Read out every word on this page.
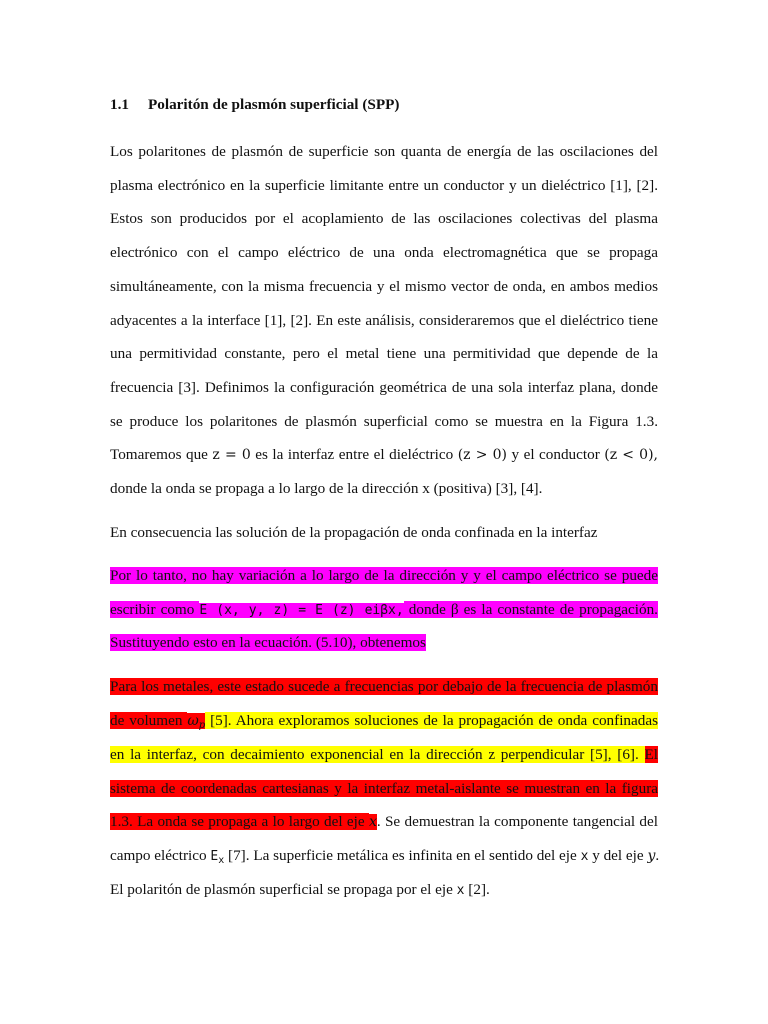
1.1 Polaritón de plasmón superficial (SPP)
Los polaritones de plasmón de superficie son quanta de energía de las oscilaciones del
plasma electrónico en la superficie limitante entre un conductor y un dieléctrico [1], [2].
Estos son producidos por el acoplamiento de las oscilaciones colectivas del plasma
electrónico con el campo eléctrico de una onda electromagnética que se propaga
simultáneamente, con la misma frecuencia y el mismo vector de onda, en ambos medios
adyacentes a la interface [1], [2]. En este análisis, consideraremos que el dieléctrico tiene
una permitividad constante, pero el metal tiene una permitividad que depende de la
frecuencia [3]. Definimos la configuración geométrica de una sola interfaz plana, donde
se produce los polaritones de plasmón superficial como se muestra en la Figura 1.3.
Tomaremos que z = 0 es la interfaz entre el dieléctrico (z > 0) y el conductor (z < 0),
donde la onda se propaga a lo largo de la dirección x (positiva) [3], [4].
En consecuencia las solución de la propagación de onda confinada en la interfaz
Por lo tanto, no hay variación a lo largo de la dirección y y el campo eléctrico se puede
escribir como E (x, y, z) = E (z) eiβx, donde β es la constante de propagación.
Sustituyendo esto en la ecuación. (5.10), obtenemos
Para los metales, este estado sucede a frecuencias por debajo de la frecuencia de plasmón
de volumen $\omega_p$ [5]. Ahora exploramos soluciones de la propagación de onda confinadas
en la interfaz, con decaimiento exponencial en la dirección z perpendicular [5], [6]. El
sistema de coordenadas cartesianas y la interfaz metal-aislante se muestran en la figura
1.3. La onda se propaga a lo largo del eje x. Se demuestran la componente tangencial del
campo eléctrico $E_x$ [7]. La superficie metálica es infinita en el sentido del eje x y del eje y.
El polaritón de plasmón superficial se propaga por el eje x [2].
